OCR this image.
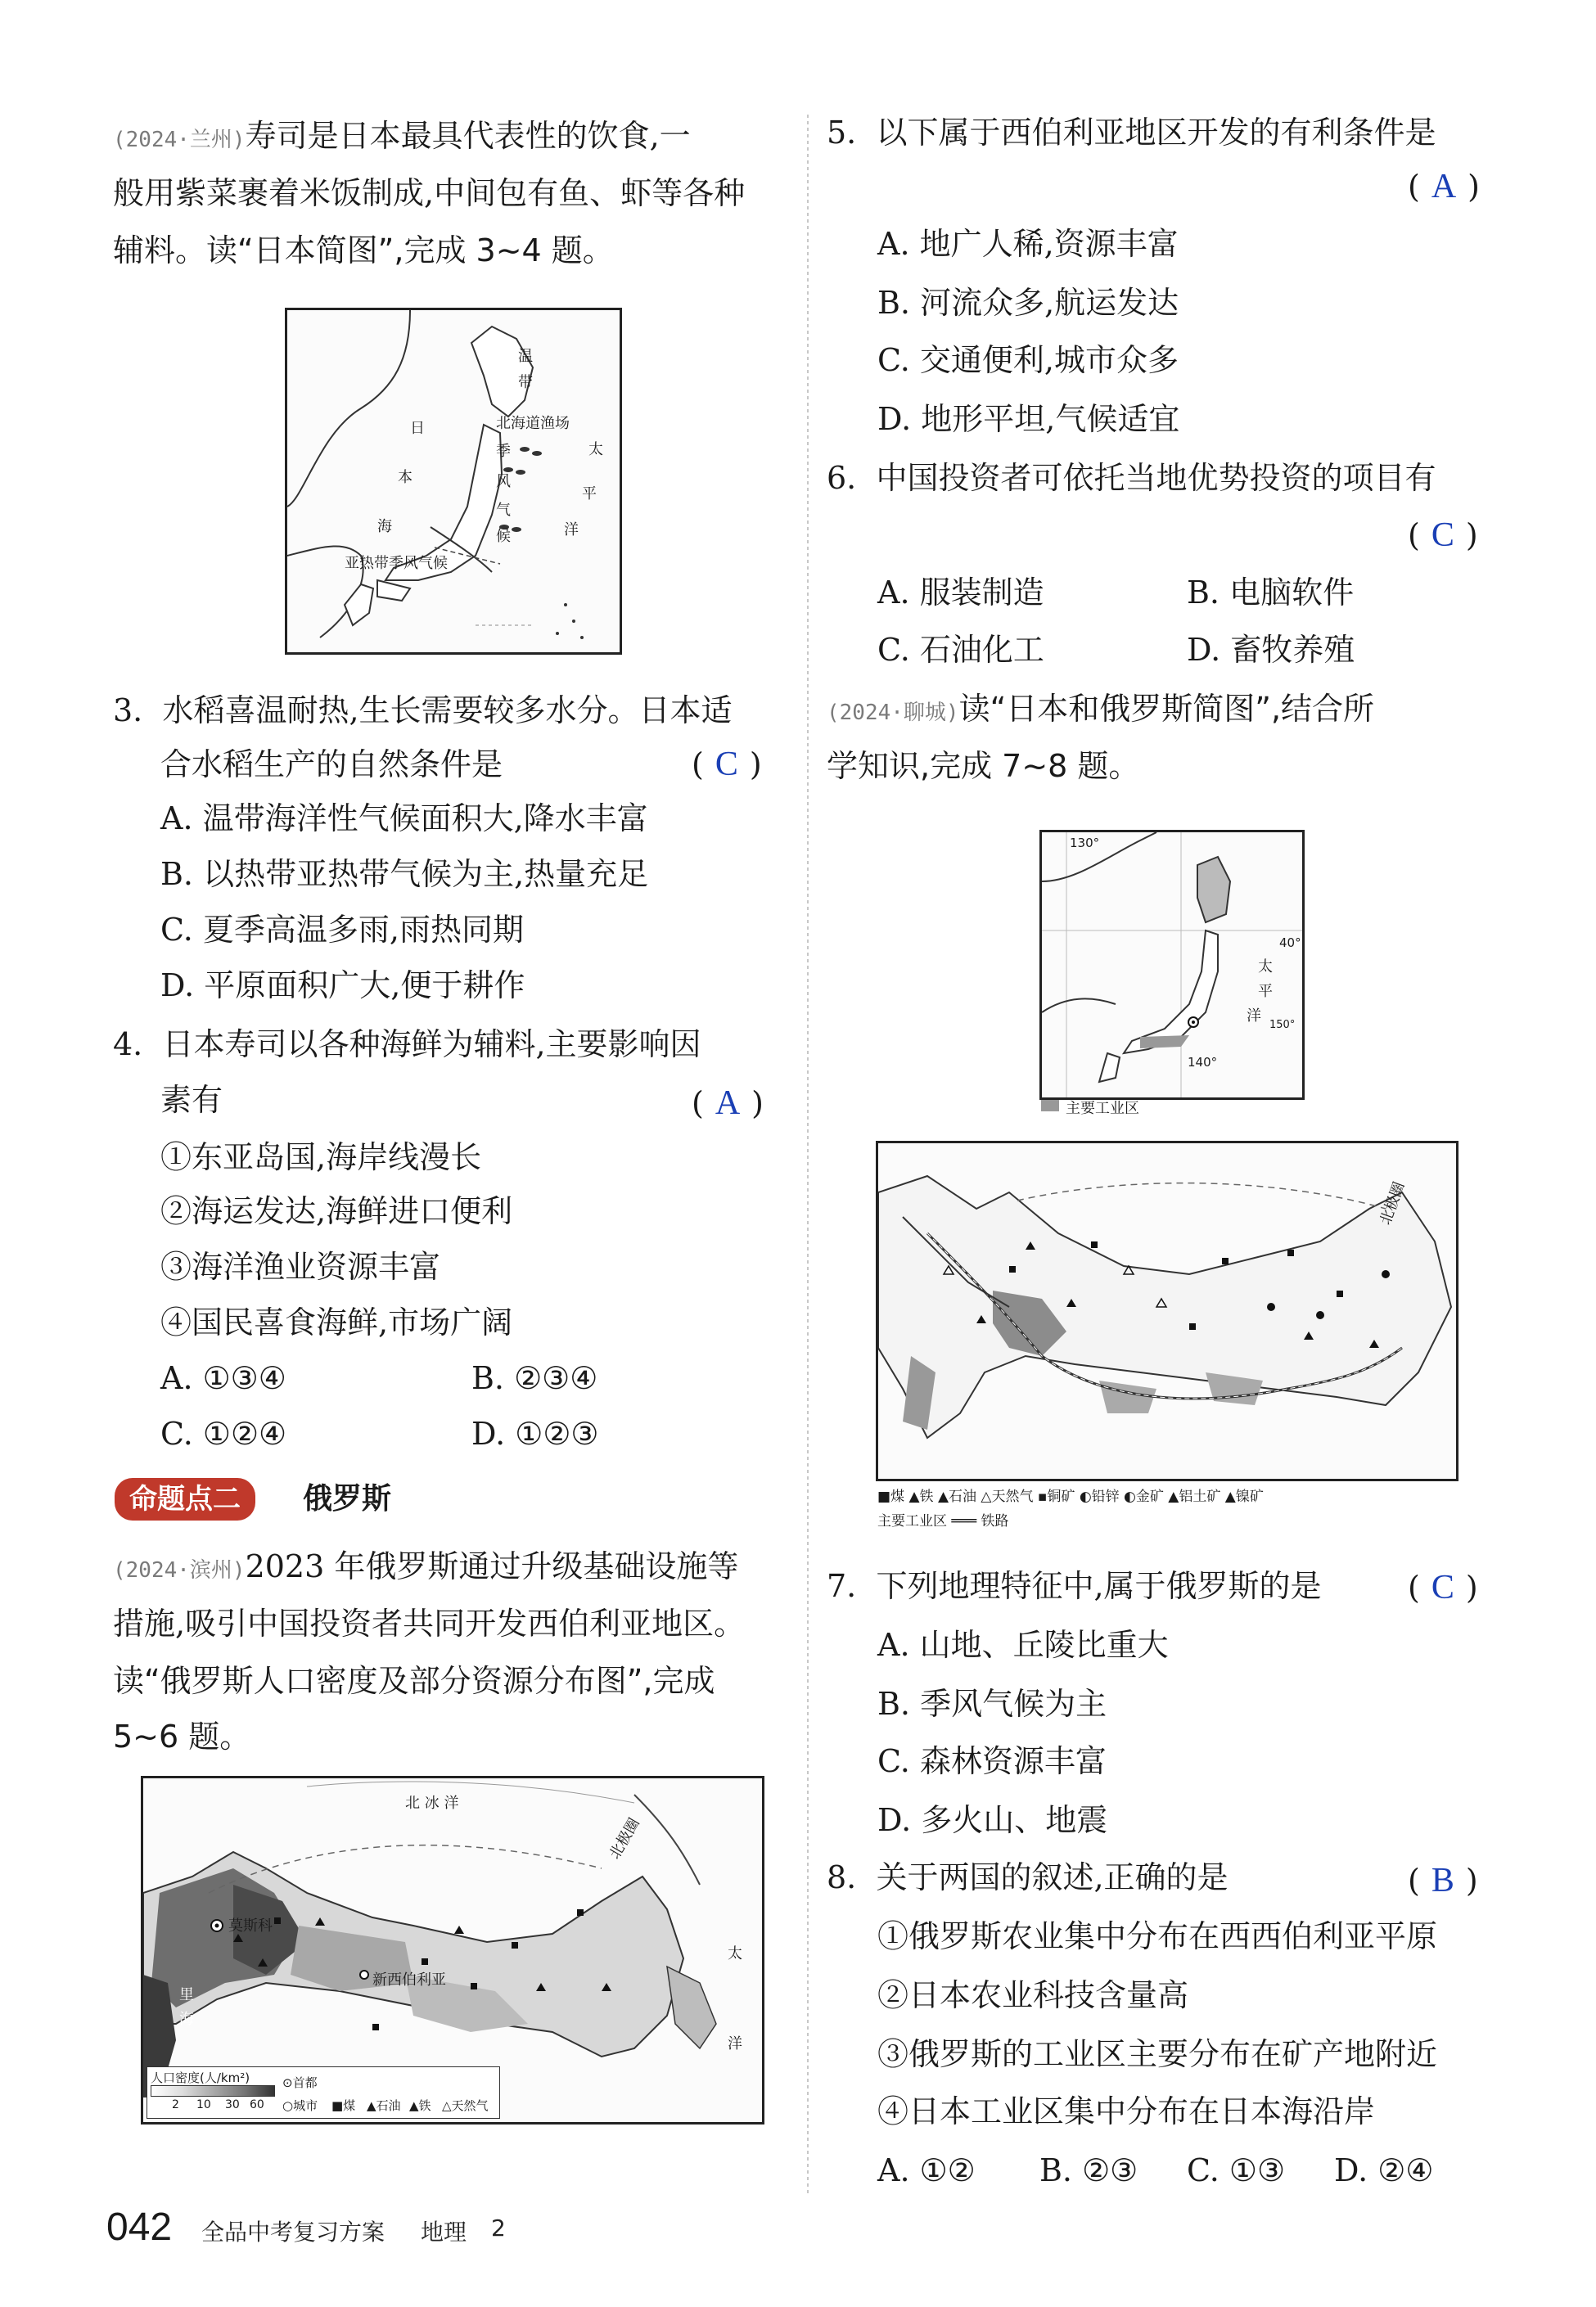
(2024·兰州)寿司是日本最具代表性的饮食,一
般用紫菜裹着米饭制成,中间包有鱼、虾等各种
辅料。读“日本简图”,完成 3~4 题。
温
带
北海道渔场
日
本
海
季
风
气
候
太
平
洋
亚热带季风气候
3. 水稻喜温耐热,生长需要较多水分。日本适
合水稻生产的自然条件是	( C )
A. 温带海洋性气候面积大,降水丰富
B. 以热带亚热带气候为主,热量充足
C. 夏季高温多雨,雨热同期
D. 平原面积广大,便于耕作
4. 日本寿司以各种海鲜为辅料,主要影响因
素有	( A )
①东亚岛国,海岸线漫长
②海运发达,海鲜进口便利
③海洋渔业资源丰富
④国民喜食海鲜,市场广阔
A. ①③④	B. ②③④
C. ①②④	D. ①②③
命题点二	俄罗斯
(2024·滨州)2023 年俄罗斯通过升级基础设施等
措施,吸引中国投资者共同开发西伯利亚地区。
读“俄罗斯人口密度及部分资源分布图”,完成
5~6 题。
北 冰 洋
北极圈
莫斯科
新西伯利亚
里
海
太
洋
人口密度(人/km²)
2 10 30 60
⊙首都
○城市 ■煤 ▲石油 ▲铁 △天然气
5. 以下属于西伯利亚地区开发的有利条件是
( A )
A. 地广人稀,资源丰富
B. 河流众多,航运发达
C. 交通便利,城市众多
D. 地形平坦,气候适宜
6. 中国投资者可依托当地优势投资的项目有
( C )
A. 服装制造	B. 电脑软件
C. 石油化工	D. 畜牧养殖
(2024·聊城)读“日本和俄罗斯简图”,结合所
学知识,完成 7~8 题。
130°
40°
太
平
洋
140°
150°
主要工业区
北极圈
■煤 ▲铁 ▲石油 △天然气 ▪铜矿 ◐铅锌 ◐金矿 ▲铝土矿 ▲镍矿
主要工业区 ═══ 铁路
7. 下列地理特征中,属于俄罗斯的是	( C )
A. 山地、丘陵比重大
B. 季风气候为主
C. 森林资源丰富
D. 多火山、地震
8. 关于两国的叙述,正确的是	( B )
①俄罗斯农业集中分布在西西伯利亚平原
②日本农业科技含量高
③俄罗斯的工业区主要分布在矿产地附近
④日本工业区集中分布在日本海沿岸
A. ①② B. ②③ C. ①③ D. ②④
042 全品中考复习方案 地理 2
